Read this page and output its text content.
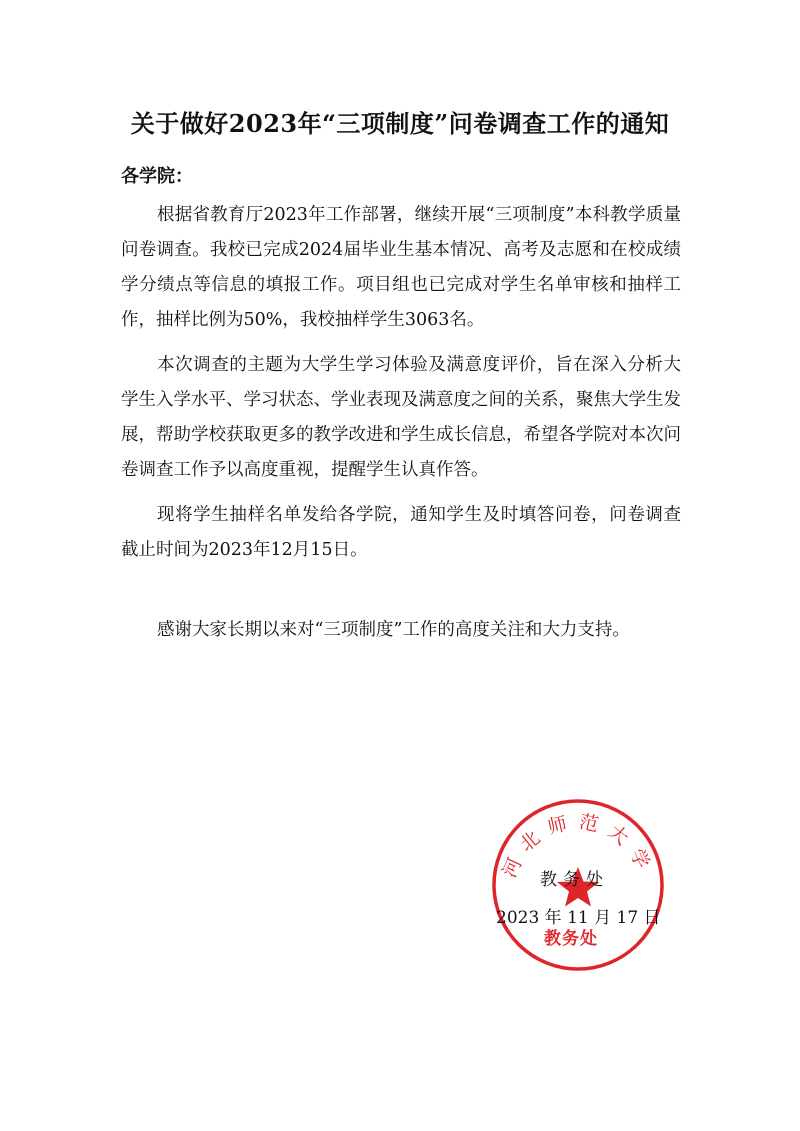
关于做好2023年“三项制度”问卷调查工作的通知
各学院：

根据省教育厅2023年工作部署，继续开展“三项制度”本科教学质量问卷调查。我校已完成2024届毕业生基本情况、高考及志愿和在校成绩学分绩点等信息的填报工作。项目组也已完成对学生名单审核和抽样工作，抽样比例为50%，我校抽样学生3063名。

本次调查的主题为大学生学习体验及满意度评价，旨在深入分析大学生入学水平、学习状态、学业表现及满意度之间的关系，聚焦大学生发展，帮助学校获取更多的教学改进和学生成长信息，希望各学院对本次问卷调查工作予以高度重视，提醒学生认真作答。

现将学生抽样名单发给各学院，通知学生及时填答问卷，问卷调查截止时间为2023年12月15日。

感谢大家长期以来对“三项制度”工作的高度关注和大力支持。

河北师范大学
教务处
2023 年 11 月 17 日
教务处
